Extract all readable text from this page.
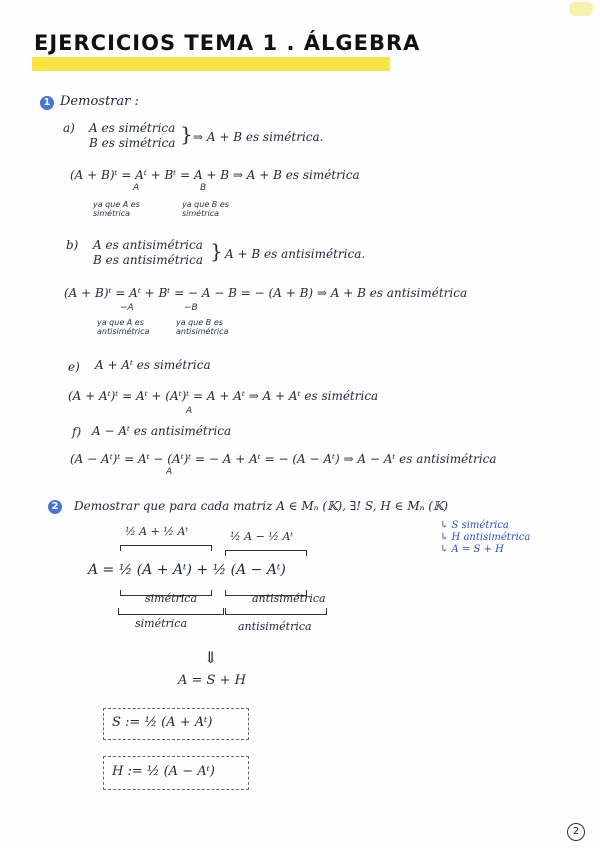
EJERCICIOS TEMA 1 . ÁLGEBRA
1 Demostrar :
a) A es simétrica
B es simétrica } ⇒ A + B es simétrica.
(A + B)ᵗ = Aᵗ + Bᵗ = A + B ⇒ A + B es simétrica
A	B
ya que A es simétrica
ya que B es simétrica
b) A es antisimétrica
B es antisimétrica } A + B es antisimétrica.
(A + B)ᵗ = Aᵗ + Bᵗ = − A − B = − (A + B) ⇒ A + B es antisimétrica
−A	−B
ya que A es antisimétrica
ya que B es antisimétrica
e) A + Aᵗ es simétrica
(A + Aᵗ)ᵗ = Aᵗ + (Aᵗ)ᵗ = A + Aᵗ ⇒ A + Aᵗ es simétrica
A
f) A − Aᵗ es antisimétrica
(A − Aᵗ)ᵗ = Aᵗ − (Aᵗ)ᵗ = − A + Aᵗ = − (A − Aᵗ) ⇒ A − Aᵗ es antisimétrica
A
2 Demostrar que para cada matriz A ∈ Mₙ (𝕂), ∃! S, H ∈ Mₙ (𝕂)
↳ S simétrica
↳ H antisimétrica
↳ A = S + H
½ A + ½ Aᵗ	½ A − ½ Aᵗ
A = ½ (A + Aᵗ) + ½ (A − Aᵗ)
simétrica	antisimétrica
simétrica	antisimétrica
⇓
A = S + H
S := ½ (A + Aᵗ)
H := ½ (A − Aᵗ)
2
